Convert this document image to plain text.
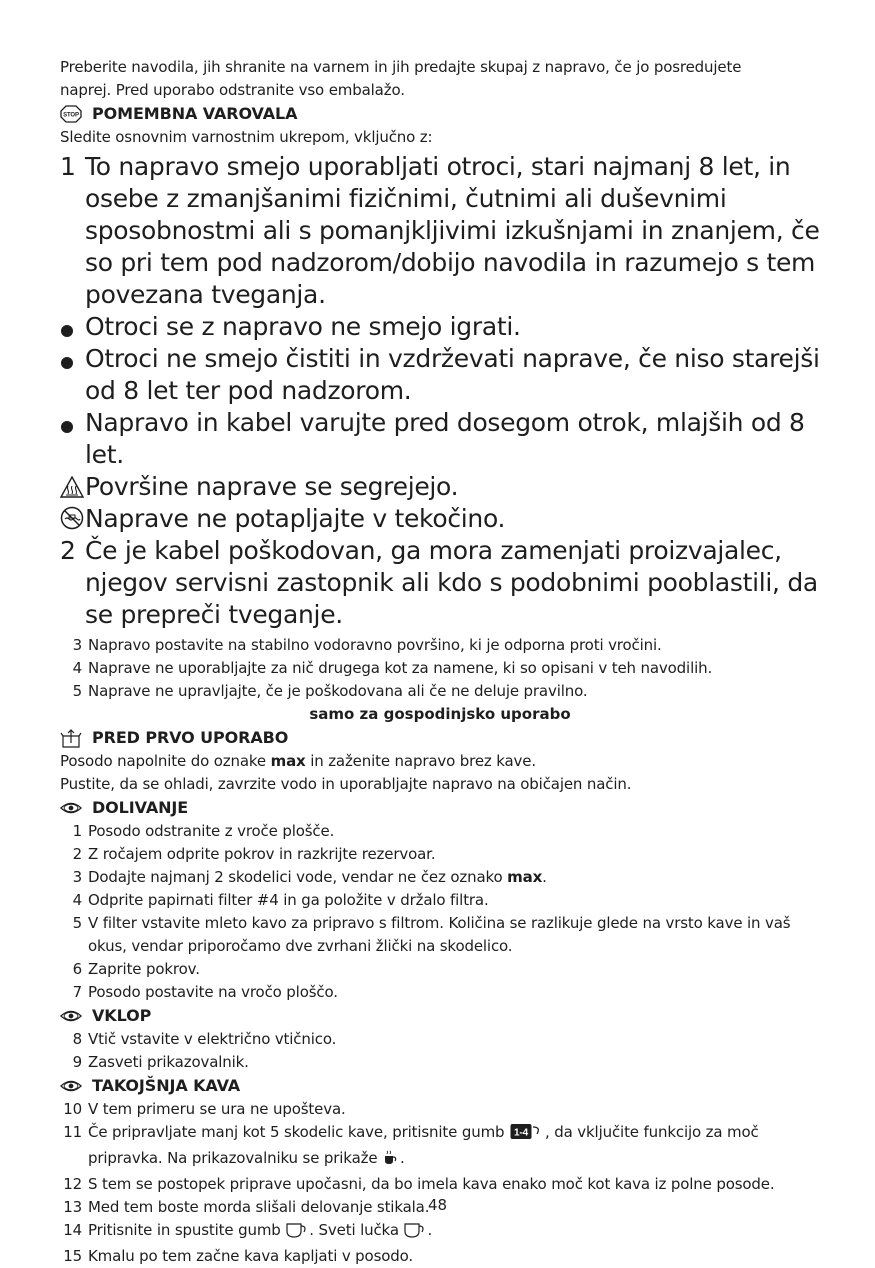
Preberite navodila, jih shranite na varnem in jih predajte skupaj z napravo, če jo posredujete
naprej. Pred uporabo odstranite vso embalažo.

STOP POMEMBNA VAROVALA

Sledite osnovnim varnostnim ukrepom, vključno z:

1 To napravo smejo uporabljati otroci, stari najmanj 8 let, in osebe z zmanjšanimi fizičnimi, čutnimi ali duševnimi sposobnostmi ali s pomanjkljivimi izkušnjami in znanjem, če so pri tem pod nadzorom/dobijo navodila in razumejo s tem povezana tveganja.
Otroci se z napravo ne smejo igrati.
Otroci ne smejo čistiti in vzdrževati naprave, če niso starejši od 8 let ter pod nadzorom.
Napravo in kabel varujte pred dosegom otrok, mlajših od 8 let.
Površine naprave se segrejejo.
Naprave ne potapljajte v tekočino.
2 Če je kabel poškodovan, ga mora zamenjati proizvajalec, njegov servisni zastopnik ali kdo s podobnimi pooblastili, da se prepreči tveganje.
3 Napravo postavite na stabilno vodoravno površino, ki je odporna proti vročini.
4 Naprave ne uporabljajte za nič drugega kot za namene, ki so opisani v teh navodilih.
5 Naprave ne upravljajte, če je poškodovana ali če ne deluje pravilno.
samo za gospodinjsko uporabo
PRED PRVO UPORABO

Posodo napolnite do oznake max in zaženite napravo brez kave.

Pustite, da se ohladi, zavrzite vodo in uporabljajte napravo na običajen način.

DOLIVANJE
1 Posodo odstranite z vroče plošče.
2 Z ročajem odprite pokrov in razkrijte rezervoar.
3 Dodajte najmanj 2 skodelici vode, vendar ne čez oznako max.
4 Odprite papirnati filter #4 in ga položite v držalo filtra.
5 V filter vstavite mleto kavo za pripravo s filtrom. Količina se razlikuje glede na vrsto kave in vaš okus, vendar priporočamo dve zvrhani žlički na skodelico.
6 Zaprite pokrov.
7 Posodo postavite na vročo ploščo.
VKLOP
8 Vtič vstavite v električno vtičnico.
9 Zasveti prikazovalnik.
TAKOJŠNJA KAVA
10 V tem primeru se ura ne upošteva.
11 Če pripravljate manj kot 5 skodelic kave, pritisnite gumb 1-4 , da vključite funkcijo za moč pripravka. Na prikazovalniku se prikaže .
12 S tem se postopek priprave upočasni, da bo imela kava enako moč kot kava iz polne posode.
13 Med tem boste morda slišali delovanje stikala.
14 Pritisnite in spustite gumb . Sveti lučka .
15 Kmalu po tem začne kava kapljati v posodo.
48
